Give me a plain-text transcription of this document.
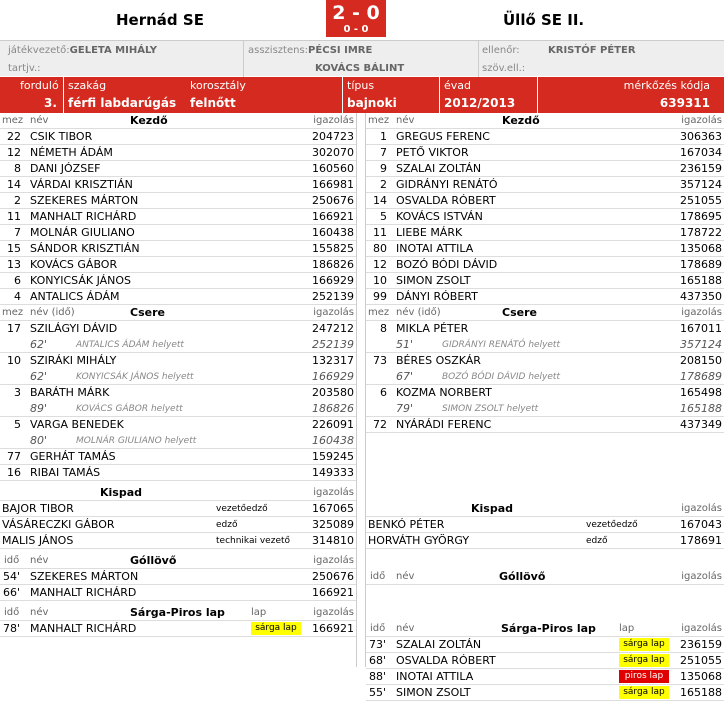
Hernád SE	2 - 0
0 - 0
Üllő SE II.
játékvezető:GELETA MIHÁLY	asszisztens:PÉCSI IMRE	ellenőr:	KRISTÓF PÉTER
tartjv.:	KOVÁCS BÁLINT	szöv.ell.:
forduló
3.
szakág
férfi labdarúgás
korosztály
felnőtt
típus
bajnoki
évad
2012/2013
mérkőzés kódja
639311
mez név	Kezdő	igazolás
22 CSIK TIBOR	204723
12 NÉMETH ÁDÁM	302070
8 DANI JÓZSEF	160560
14 VÁRDAI KRISZTIÁN	166981
2 SZEKERES MÁRTON	250676
11 MANHALT RICHÁRD	166921
7 MOLNÁR GIULIANO	160438
15 SÁNDOR KRISZTIÁN	155825
13 KOVÁCS GÁBOR	186826
6 KONYICSÁK JÁNOS	166929
4 ANTALICS ÁDÁM	252139
mez név (idő)	Csere	igazolás
17 SZILÁGYI DÁVID	247212
62'	ANTALICS ÁDÁM helyett	252139
10 SZIRÁKI MIHÁLY	132317
62'	KONYICSÁK JÁNOS helyett	166929
3 BARÁTH MÁRK	203580
89'	KOVÁCS GÁBOR helyett	186826
5 VARGA BENEDEK	226091
80'	MOLNÁR GIULIANO helyett	160438
77 GERHÁT TAMÁS	159245
16 RIBAI TAMÁS	149333
Kispad	igazolás
BAJOR TIBOR	vezetőedző	167065
VÁSÁRECZKI GÁBOR	edző	325089
MALIS JÁNOS	technikai vezető 314810
idő név	Góllövő	igazolás
54' SZEKERES MÁRTON	250676
66' MANHALT RICHÁRD	166921
idő név	Sárga-Piros lap	lap	igazolás
78' MANHALT RICHÁRD	sárga lap	166921
mez név	Kezdő	igazolás
1 GREGUS FERENC	306363
7 PETŐ VIKTOR	167034
9 SZALAI ZOLTÁN	236159
2 GIDRÁNYI RENÁTÓ	357124
14 OSVALDA RÓBERT	251055
5 KOVÁCS ISTVÁN	178695
11 LIEBE MÁRK	178722
80 INOTAI ATTILA	135068
12 BOZÓ BÓDI DÁVID	178689
10 SIMON ZSOLT	165188
99 DÁNYI RÓBERT	437350
mez név (idő)	Csere	igazolás
8 MIKLA PÉTER	167011
51'	GIDRÁNYI RENÁTÓ helyett	357124
73 BÉRES OSZKÁR	208150
67'	BOZÓ BÓDI DÁVID helyett	178689
6 KOZMA NORBERT	165498
79'	SIMON ZSOLT helyett	165188
72 NYÁRÁDI FERENC	437349
Kispad	igazolás
BENKÓ PÉTER	vezetőedző	167043
HORVÁTH GYÖRGY	edző	178691
idő név	Góllövő	igazolás
idő név	Sárga-Piros lap lap	igazolás
73' SZALAI ZOLTÁN	sárga lap	236159
68' OSVALDA RÓBERT	sárga lap	251055
88' INOTAI ATTILA	piros lap	135068
55' SIMON ZSOLT	sárga lap	165188
